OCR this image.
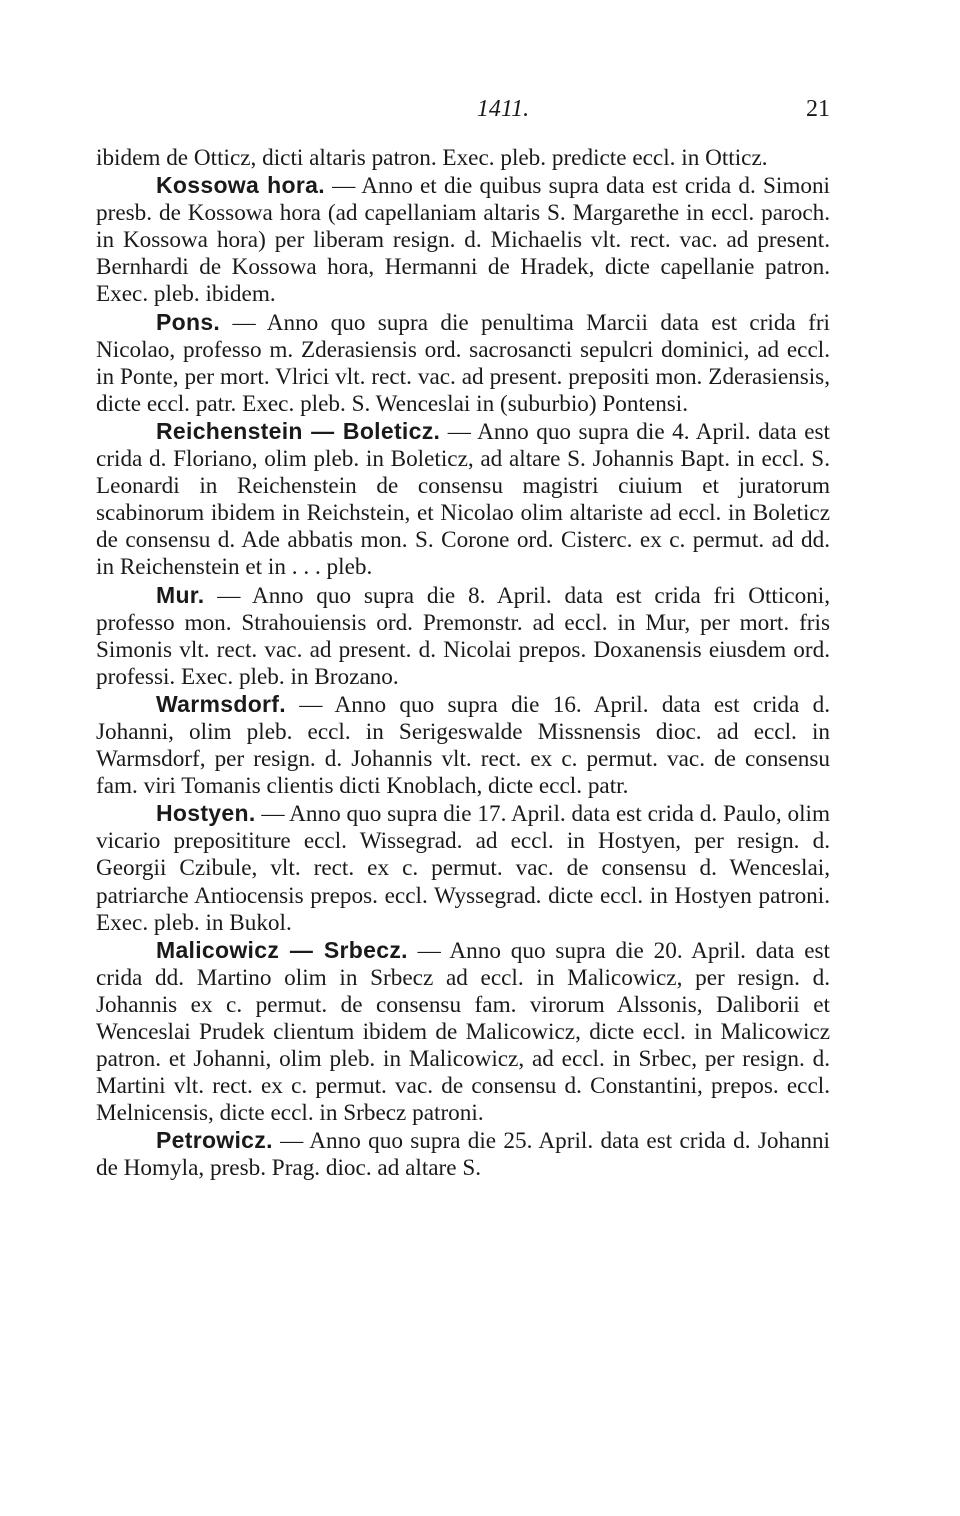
1411.	21

ibidem de Otticz, dicti altaris patron. Exec. pleb. predicte eccl. in Otticz.

Kossowa hora. — Anno et die quibus supra data est crida d. Simoni presb. de Kossowa hora (ad capellaniam altaris S. Margarethe in eccl. paroch. in Kossowa hora) per liberam resign. d. Michaelis vlt. rect. vac. ad present. Bernhardi de Kossowa hora, Hermanni de Hradek, dicte capellanie patron. Exec. pleb. ibidem.

Pons. — Anno quo supra die penultima Marcii data est crida fri Nicolao, professo m. Zderasiensis ord. sacrosancti sepulcri dominici, ad eccl. in Ponte, per mort. Vlrici vlt. rect. vac. ad present. prepositi mon. Zderasiensis, dicte eccl. patr. Exec. pleb. S. Wenceslai in (suburbio) Pontensi.

Reichenstein — Boleticz. — Anno quo supra die 4. April. data est crida d. Floriano, olim pleb. in Boleticz, ad altare S. Johannis Bapt. in eccl. S. Leonardi in Reichenstein de consensu magistri ciuium et juratorum scabinorum ibidem in Reichstein, et Nicolao olim altariste ad eccl. in Boleticz de consensu d. Ade abbatis mon. S. Corone ord. Cisterc. ex c. permut. ad dd. in Reichenstein et in . . . pleb.

Mur. — Anno quo supra die 8. April. data est crida fri Otticoni, professo mon. Strahouiensis ord. Premonstr. ad eccl. in Mur, per mort. fris Simonis vlt. rect. vac. ad present. d. Nicolai prepos. Doxanensis eiusdem ord. professi. Exec. pleb. in Brozano.

Warmsdorf. — Anno quo supra die 16. April. data est crida d. Johanni, olim pleb. eccl. in Serigeswalde Missnensis dioc. ad eccl. in Warmsdorf, per resign. d. Johannis vlt. rect. ex c. permut. vac. de consensu fam. viri Tomanis clientis dicti Knoblach, dicte eccl. patr.

Hostyen. — Anno quo supra die 17. April. data est crida d. Paulo, olim vicario preposititure eccl. Wissegrad. ad eccl. in Hostyen, per resign. d. Georgii Czibule, vlt. rect. ex c. permut. vac. de consensu d. Wenceslai, patriarche Antiocensis prepos. eccl. Wyssegrad. dicte eccl. in Hostyen patroni. Exec. pleb. in Bukol.

Malicowicz — Srbecz. — Anno quo supra die 20. April. data est crida dd. Martino olim in Srbecz ad eccl. in Malicowicz, per resign. d. Johannis ex c. permut. de consensu fam. virorum Alssonis, Daliborii et Wenceslai Prudek clientum ibidem de Malicowicz, dicte eccl. in Malicowicz patron. et Johanni, olim pleb. in Malicowicz, ad eccl. in Srbec, per resign. d. Martini vlt. rect. ex c. permut. vac. de consensu d. Constantini, prepos. eccl. Melnicensis, dicte eccl. in Srbecz patroni.

Petrowicz. — Anno quo supra die 25. April. data est crida d. Johanni de Homyla, presb. Prag. dioc. ad altare S.
